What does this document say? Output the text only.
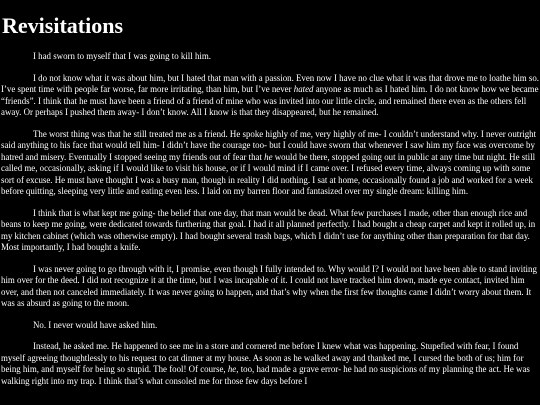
Revisitations

I had sworn to myself that I was going to kill him.

I do not know what it was about him, but I hated that man with a passion. Even now I have no clue what it was that drove me to loathe him so. I’ve spent time with people far worse, far more irritating, than him, but I’ve never hated anyone as much as I hated him. I do not know how we became “friends”. I think that he must have been a friend of a friend of mine who was invited into our little circle, and remained there even as the others fell away. Or perhaps I pushed them away- I don’t know. All I know is that they disappeared, but he remained.

The worst thing was that he still treated me as a friend. He spoke highly of me, very highly of me- I couldn’t understand why. I never outright said anything to his face that would tell him- I didn’t have the courage too- but I could have sworn that whenever I saw him my face was overcome by hatred and misery. Eventually I stopped seeing my friends out of fear that he would be there, stopped going out in public at any time but night. He still called me, occasionally, asking if I would like to visit his house, or if I would mind if I came over. I refused every time, always coming up with some sort of excuse. He must have thought I was a busy man, though in reality I did nothing. I sat at home, occasionally found a job and worked for a week before quitting, sleeping very little and eating even less. I laid on my barren floor and fantasized over my single dream: killing him.

I think that is what kept me going- the belief that one day, that man would be dead. What few purchases I made, other than enough rice and beans to keep me going, were dedicated towards furthering that goal. I had it all planned perfectly. I had bought a cheap carpet and kept it rolled up, in my kitchen cabinet (which was otherwise empty). I had bought several trash bags, which I didn’t use for anything other than preparation for that day. Most importantly, I had bought a knife.

I was never going to go through with it, I promise, even though I fully intended to. Why would I? I would not have been able to stand inviting him over for the deed. I did not recognize it at the time, but I was incapable of it. I could not have tracked him down, made eye contact, invited him over, and then not canceled immediately. It was never going to happen, and that’s why when the first few thoughts came I didn’t worry about them. It was as absurd as going to the moon.

No. I never would have asked him.

Instead, he asked me. He happened to see me in a store and cornered me before I knew what was happening. Stupefied with fear, I found myself agreeing thoughtlessly to his request to cat dinner at my house. As soon as he walked away and thanked me, I cursed the both of us; him for being him, and myself for being so stupid. The fool! Of course, he, too, had made a grave error- he had no suspicions of my planning the act. He was walking right into my trap. I think that’s what consoled me for those few days before I
